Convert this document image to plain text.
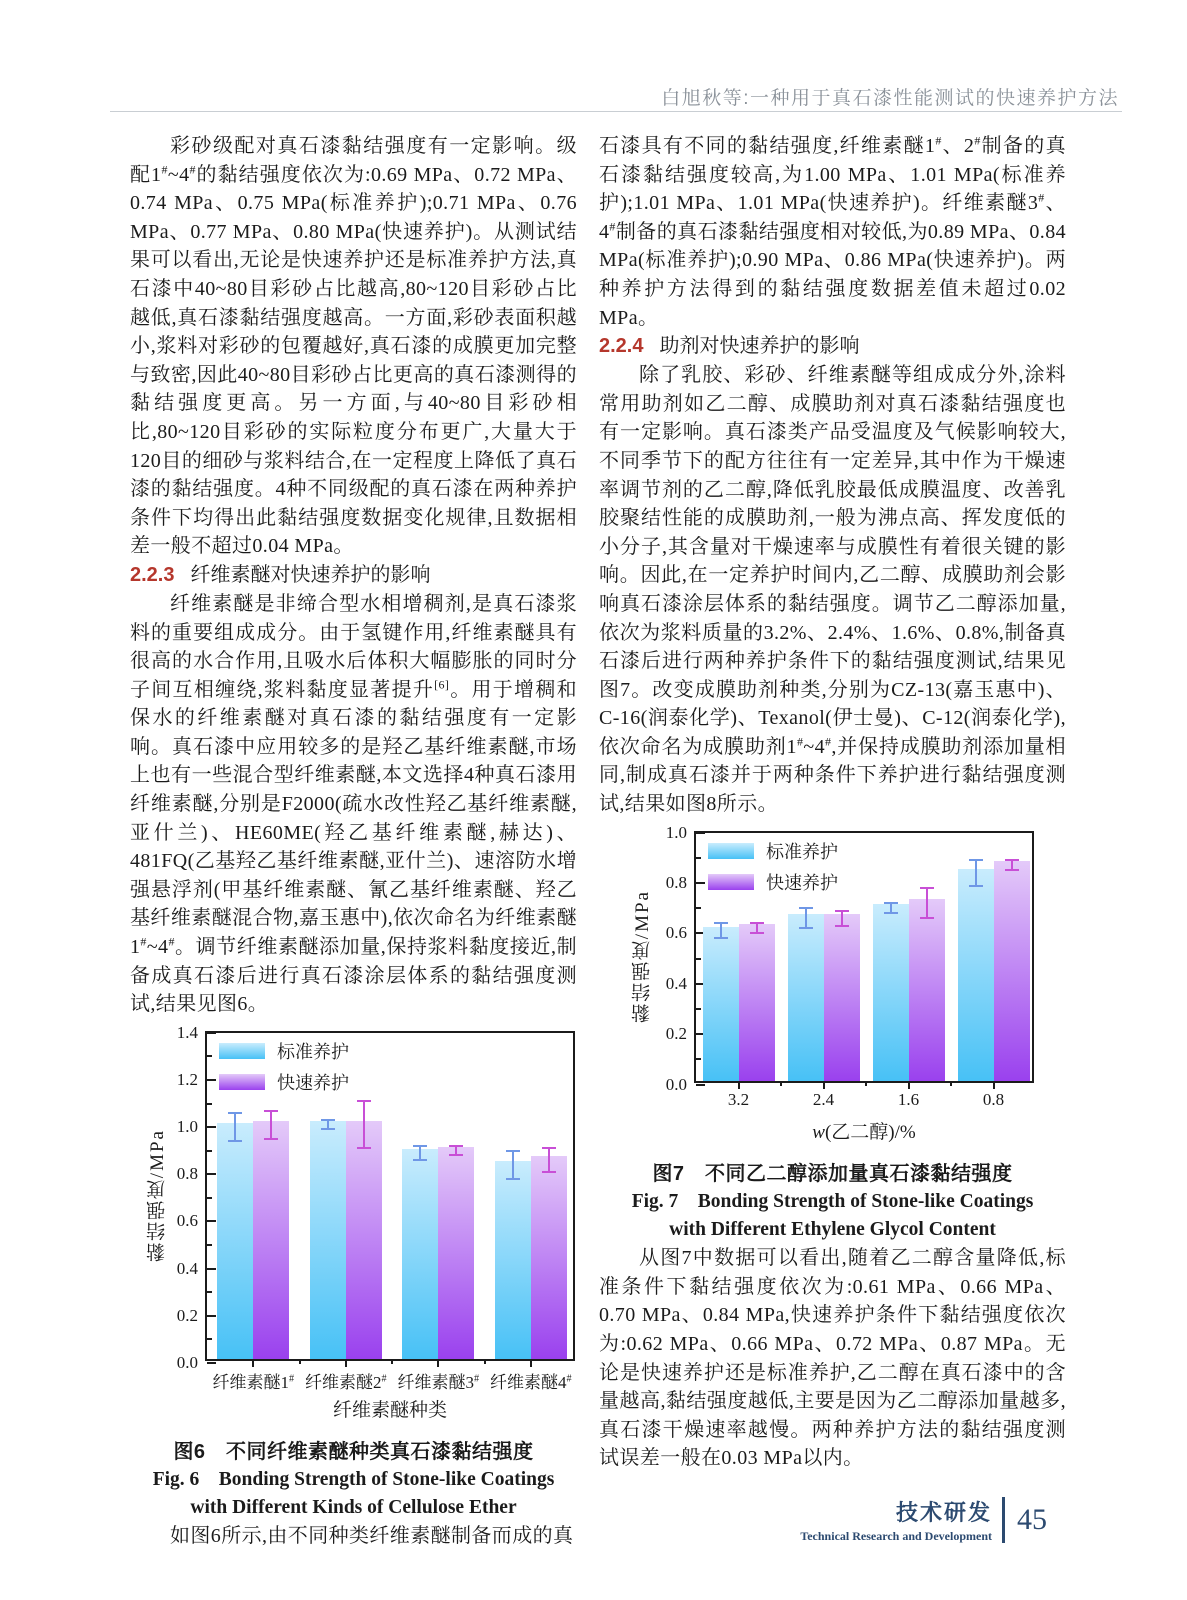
白旭秋等:一种用于真石漆性能测试的快速养护方法

彩砂级配对真石漆黏结强度有一定影响。级配1#~4#的黏结强度依次为:0.69 MPa、0.72 MPa、0.74 MPa、0.75 MPa(标准养护);0.71 MPa、0.76 MPa、0.77 MPa、0.80 MPa(快速养护)。从测试结果可以看出,无论是快速养护还是标准养护方法,真石漆中40~80目彩砂占比越高,80~120目彩砂占比越低,真石漆黏结强度越高。一方面,彩砂表面积越小,浆料对彩砂的包覆越好,真石漆的成膜更加完整与致密,因此40~80目彩砂占比更高的真石漆测得的黏结强度更高。另一方面,与40~80目彩砂相比,80~120目彩砂的实际粒度分布更广,大量大于120目的细砂与浆料结合,在一定程度上降低了真石漆的黏结强度。4种不同级配的真石漆在两种养护条件下均得出此黏结强度数据变化规律,且数据相差一般不超过0.04 MPa。

2.2.3 纤维素醚对快速养护的影响

纤维素醚是非缔合型水相增稠剂,是真石漆浆料的重要组成成分。由于氢键作用,纤维素醚具有很高的水合作用,且吸水后体积大幅膨胀的同时分子间互相缠绕,浆料黏度显著提升[6]。用于增稠和保水的纤维素醚对真石漆的黏结强度有一定影响。真石漆中应用较多的是羟乙基纤维素醚,市场上也有一些混合型纤维素醚,本文选择4种真石漆用纤维素醚,分别是F2000(疏水改性羟乙基纤维素醚,亚什兰)、HE60ME(羟乙基纤维素醚,赫达)、481FQ(乙基羟乙基纤维素醚,亚什兰)、速溶防水增强悬浮剂(甲基纤维素醚、氰乙基纤维素醚、羟乙基纤维素醚混合物,嘉玉惠中),依次命名为纤维素醚1#~4#。调节纤维素醚添加量,保持浆料黏度接近,制备成真石漆后进行真石漆涂层体系的黏结强度测试,结果见图6。

0.0
0.2
0.4
0.6
0.8
1.0
1.2
1.4
纤维素醚1# 纤维素醚2# 纤维素醚3# 纤维素醚4#
标准养护
快速养护
黏结强度/MPa
纤维素醚种类
图6　不同纤维素醚种类真石漆黏结强度
Fig. 6　Bonding Strength of Stone-like Coatings with Different Kinds of Cellulose Ether

如图6所示,由不同种类纤维素醚制备而成的真

石漆具有不同的黏结强度,纤维素醚1#、2#制备的真石漆黏结强度较高,为1.00 MPa、1.01 MPa(标准养护);1.01 MPa、1.01 MPa(快速养护)。纤维素醚3#、4#制备的真石漆黏结强度相对较低,为0.89 MPa、0.84 MPa(标准养护);0.90 MPa、0.86 MPa(快速养护)。两种养护方法得到的黏结强度数据差值未超过0.02 MPa。

2.2.4 助剂对快速养护的影响

除了乳胶、彩砂、纤维素醚等组成成分外,涂料常用助剂如乙二醇、成膜助剂对真石漆黏结强度也有一定影响。真石漆类产品受温度及气候影响较大,不同季节下的配方往往有一定差异,其中作为干燥速率调节剂的乙二醇,降低乳胶最低成膜温度、改善乳胶聚结性能的成膜助剂,一般为沸点高、挥发度低的小分子,其含量对干燥速率与成膜性有着很关键的影响。因此,在一定养护时间内,乙二醇、成膜助剂会影响真石漆涂层体系的黏结强度。调节乙二醇添加量,依次为浆料质量的3.2%、2.4%、1.6%、0.8%,制备真石漆后进行两种养护条件下的黏结强度测试,结果见图7。改变成膜助剂种类,分别为CZ-13(嘉玉惠中)、C-16(润泰化学)、Texanol(伊士曼)、C-12(润泰化学),依次命名为成膜助剂1#~4#,并保持成膜助剂添加量相同,制成真石漆并于两种条件下养护进行黏结强度测试,结果如图8所示。

0.0
0.2
0.4
0.6
0.8
1.0
3.2	2.4	1.6	0.8
标准养护
快速养护
黏结强度/MPa
w(乙二醇)/%
图7　不同乙二醇添加量真石漆黏结强度
Fig. 7　Bonding Strength of Stone-like Coatings with Different Ethylene Glycol Content

从图7中数据可以看出,随着乙二醇含量降低,标准条件下黏结强度依次为:0.61 MPa、0.66 MPa、0.70 MPa、0.84 MPa,快速养护条件下黏结强度依次为:0.62 MPa、0.66 MPa、0.72 MPa、0.87 MPa。无论是快速养护还是标准养护,乙二醇在真石漆中的含量越高,黏结强度越低,主要是因为乙二醇添加量越多,真石漆干燥速率越慢。两种养护方法的黏结强度测试误差一般在0.03 MPa以内。

技术研发
Technical Research and Development 45
